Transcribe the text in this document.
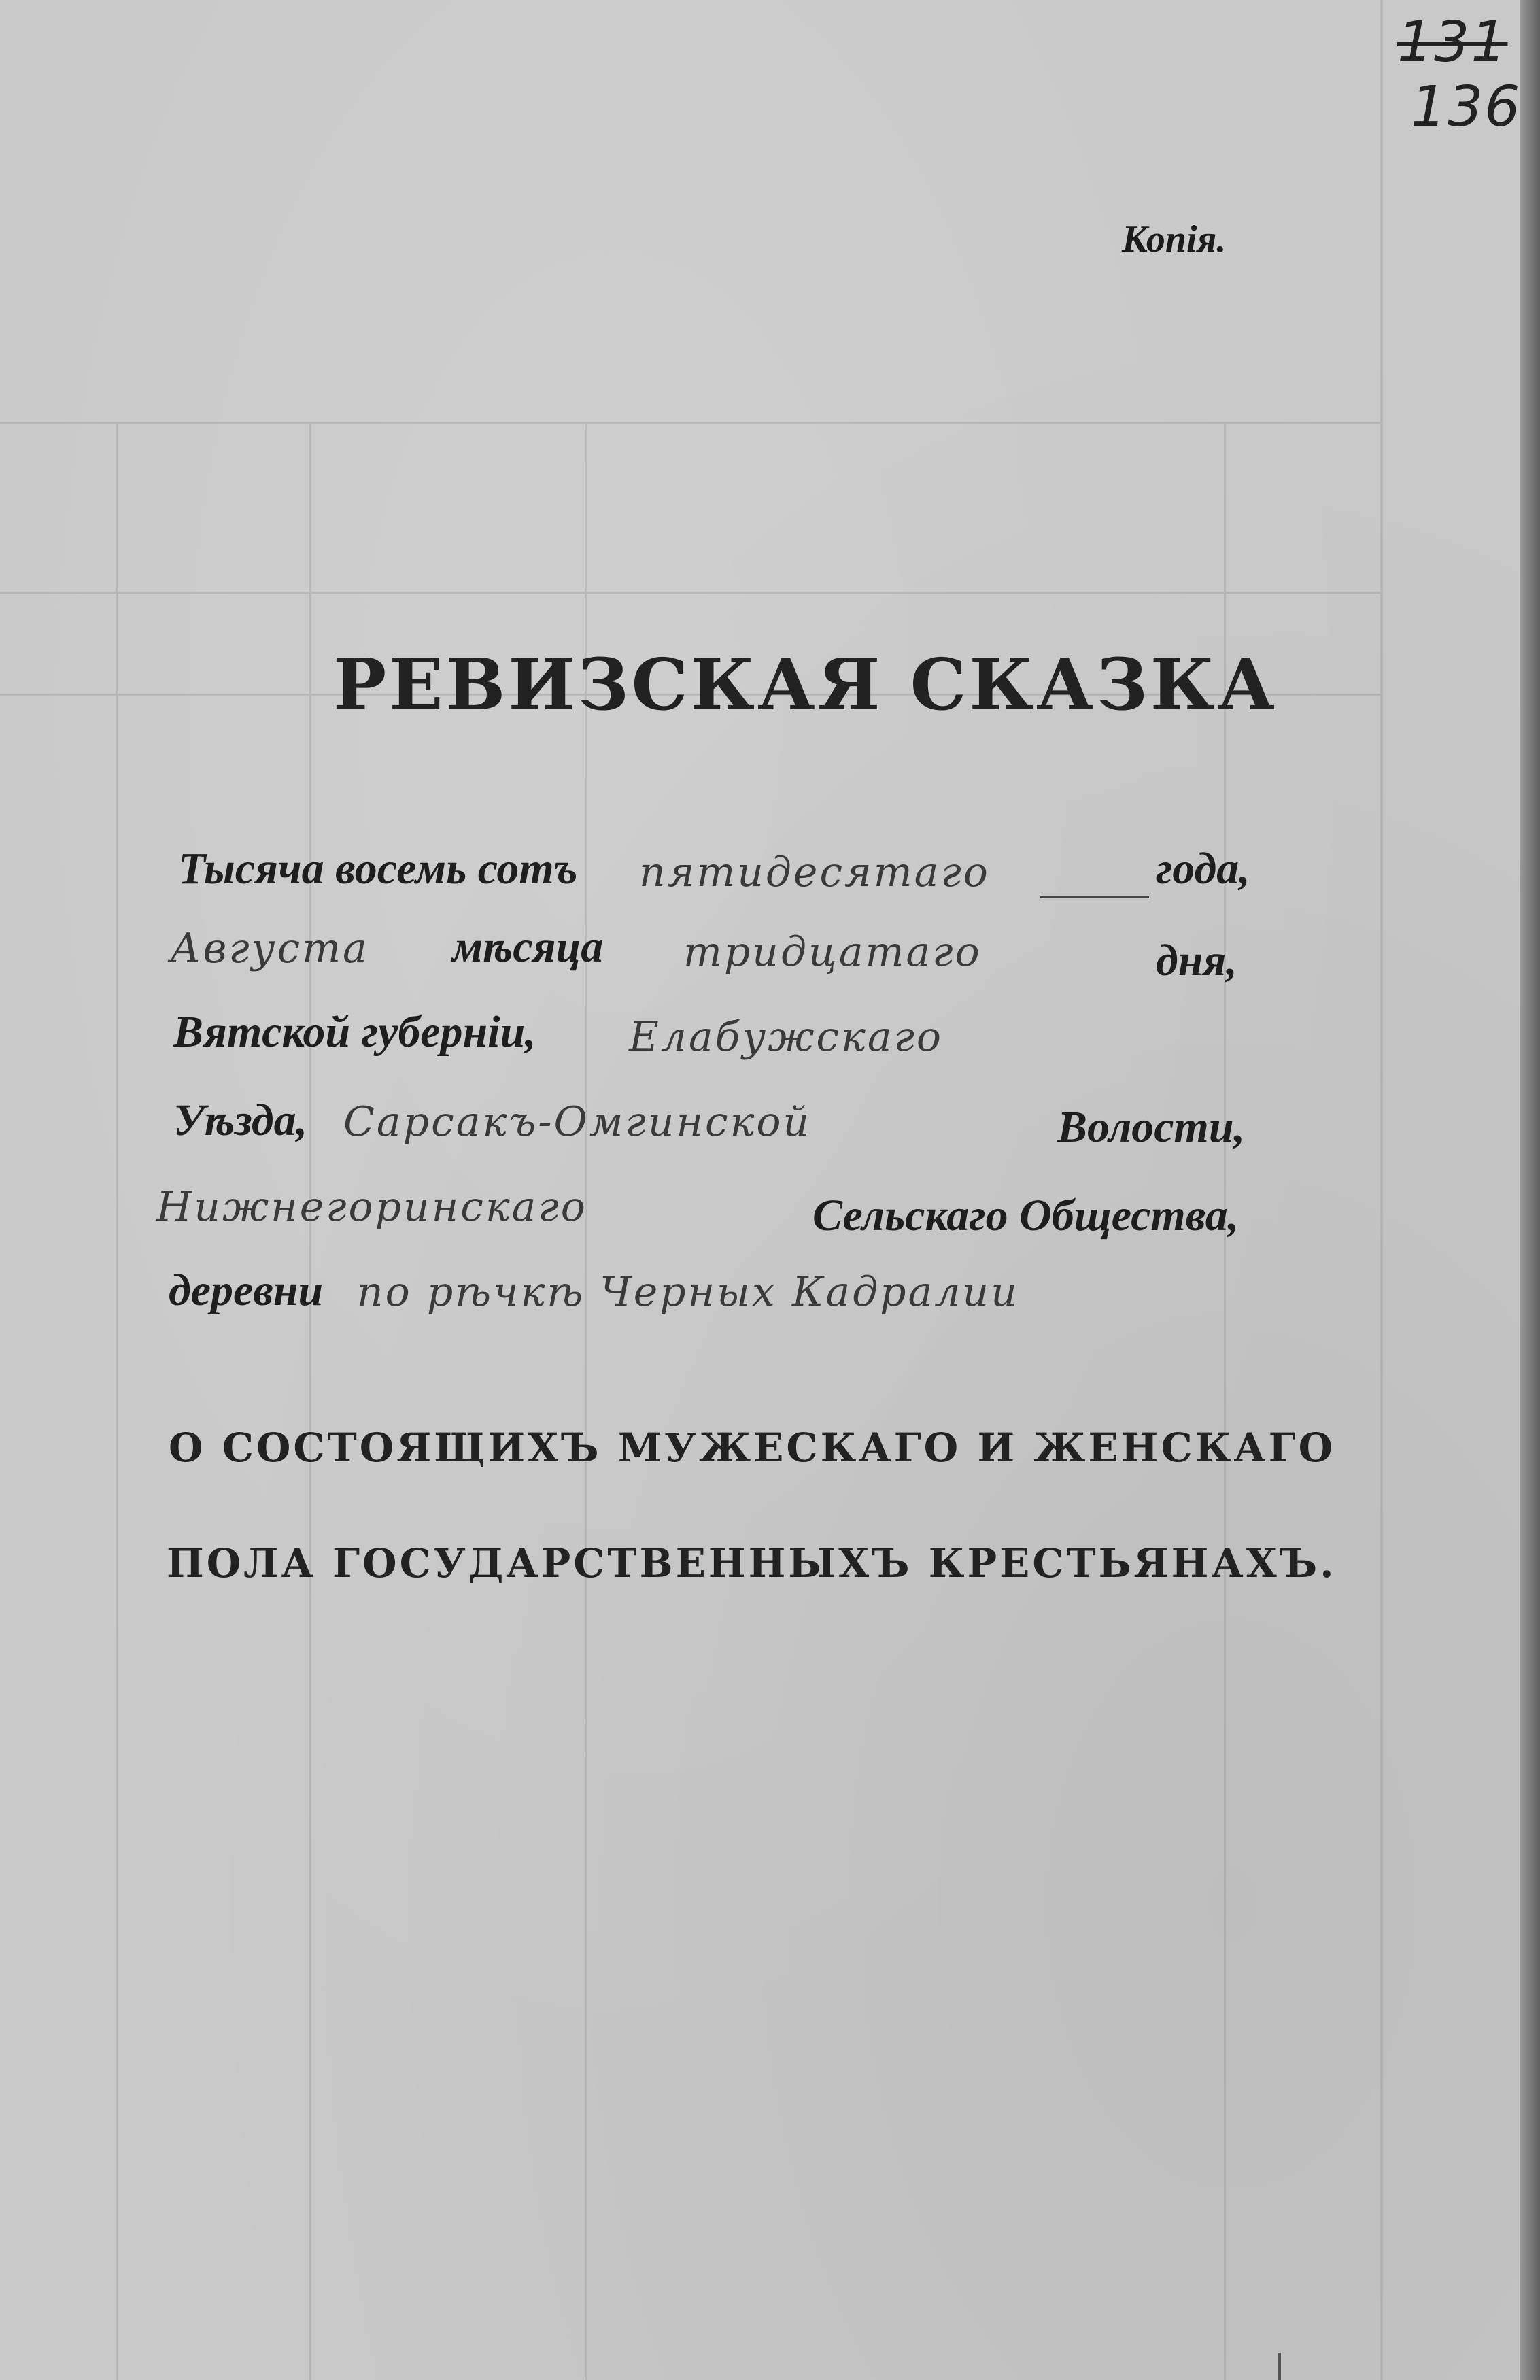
131
136
Копія.
РЕВИЗСКАЯ СКАЗКА
Тысяча восемь сотъ пятидесятаго	года,
Августа мѣсяца тридцатаго	дня,
Вятской губерніи, Елабужскаго
Уѣзда, Сарсакъ-Омгинской	Волости,
Нижнегоринскаго	Сельскаго Общества,
деревни по рѣчкѣ Черных Кадралии
О СОСТОЯЩИХЪ МУЖЕСКАГО И ЖЕНСКАГО
ПОЛА ГОСУДАРСТВЕННЫХЪ КРЕСТЬЯНАХЪ.
